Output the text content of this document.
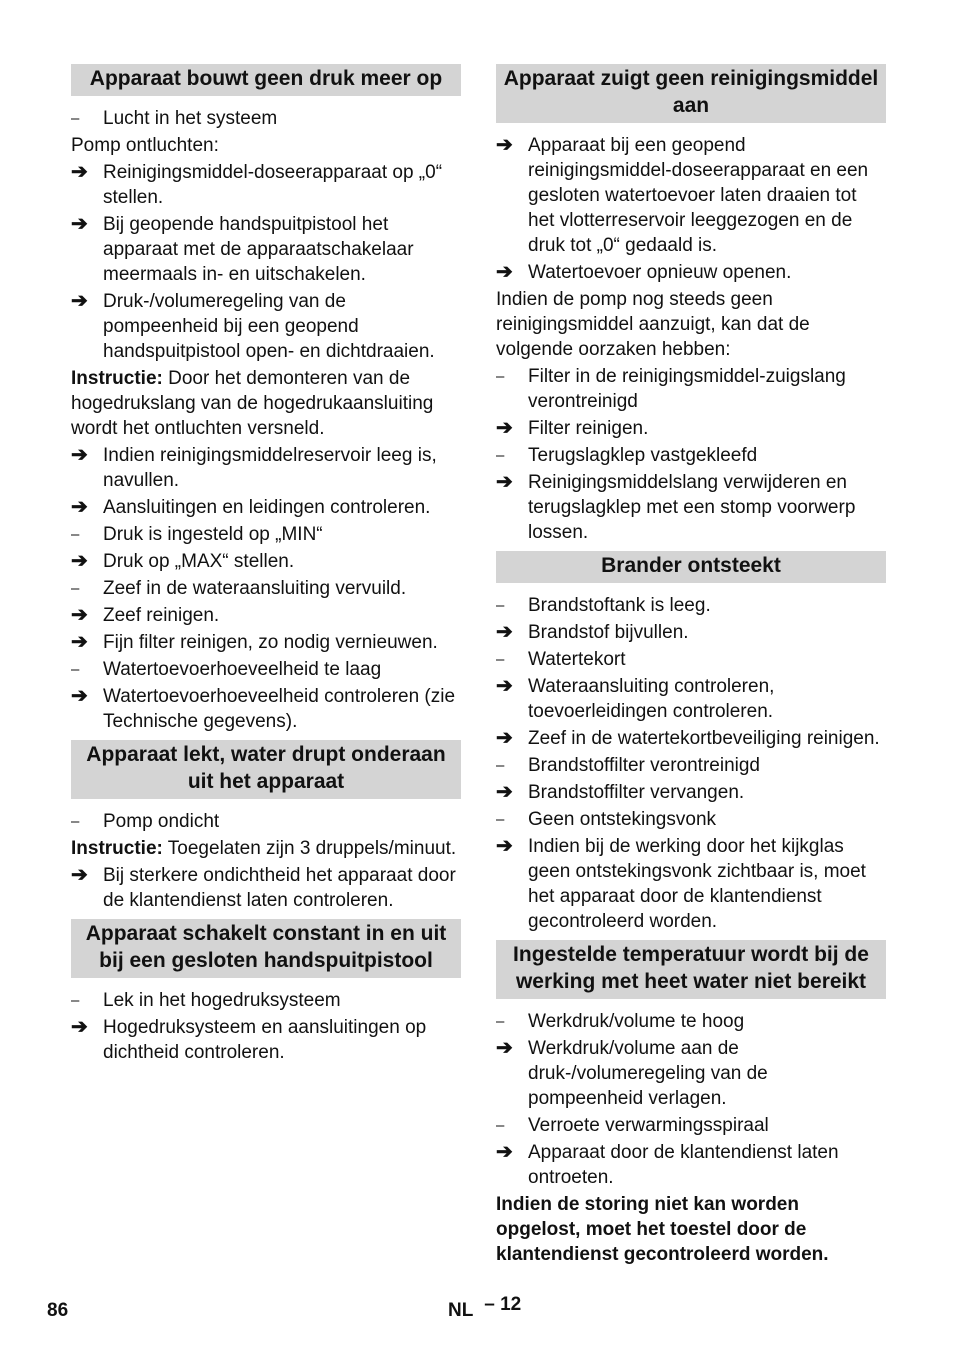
Apparaat bouwt geen druk meer op
–	Lucht in het systeem
Pomp ontluchten:
➔ Reinigingsmiddel-doseerapparaat op „0“ stellen.
➔ Bij geopende handspuitpistool het apparaat met de apparaatschakelaar meermaals in- en uitschakelen.
➔ Druk-/volumeregeling van de pompeenheid bij een geopend handspuitpistool open- en dichtdraaien.
Instructie: Door het demonteren van de hogedrukslang van de hogedrukaansluiting wordt het ontluchten versneld.
➔ Indien reinigingsmiddelreservoir leeg is, navullen.
➔ Aansluitingen en leidingen controleren.
–	Druk is ingesteld op „MIN“
➔ Druk op „MAX“ stellen.
–	Zeef in de wateraansluiting vervuild.
➔ Zeef reinigen.
➔ Fijn filter reinigen, zo nodig vernieuwen.
–	Watertoevoerhoeveelheid te laag
➔ Watertoevoerhoeveelheid controleren (zie Technische gegevens).
Apparaat lekt, water drupt onderaan uit het apparaat
–	Pomp ondicht
Instructie: Toegelaten zijn 3 druppels/minuut.
➔ Bij sterkere ondichtheid het apparaat door de klantendienst laten controleren.
Apparaat schakelt constant in en uit bij een gesloten handspuitpistool
–	Lek in het hogedruksysteem
➔ Hogedruksysteem en aansluitingen op dichtheid controleren.
Apparaat zuigt geen reinigingsmiddel aan
➔ Apparaat bij een geopend reinigingsmiddel-doseerapparaat en een gesloten watertoevoer laten draaien tot het vlotterreservoir leeggezogen en de druk tot „0“ gedaald is.
➔ Watertoevoer opnieuw openen.
Indien de pomp nog steeds geen reinigingsmiddel aanzuigt, kan dat de volgende oorzaken hebben:
–	Filter in de reinigingsmiddel-zuigslang verontreinigd
➔ Filter reinigen.
–	Terugslagklep vastgekleefd
➔ Reinigingsmiddelslang verwijderen en terugslagklep met een stomp voorwerp lossen.
Brander ontsteekt
–	Brandstoftank is leeg.
➔ Brandstof bijvullen.
–	Watertekort
➔ Wateraansluiting controleren, toevoerleidingen controleren.
➔ Zeef in de watertekortbeveiliging reinigen.
–	Brandstoffilter verontreinigd
➔ Brandstoffilter vervangen.
–	Geen ontstekingsvonk
➔ Indien bij de werking door het kijkglas geen ontstekingsvonk zichtbaar is, moet het apparaat door de klantendienst gecontroleerd worden.
Ingestelde temperatuur wordt bij de werking met heet water niet bereikt
–	Werkdruk/volume te hoog
➔ Werkdruk/volume aan de druk-/volumeregeling van de pompeenheid verlagen.
–	Verroete verwarmingsspiraal
➔ Apparaat door de klantendienst laten ontroeten.
Indien de storing niet kan worden opgelost, moet het toestel door de klantendienst gecontroleerd worden.
86	NL – 12
